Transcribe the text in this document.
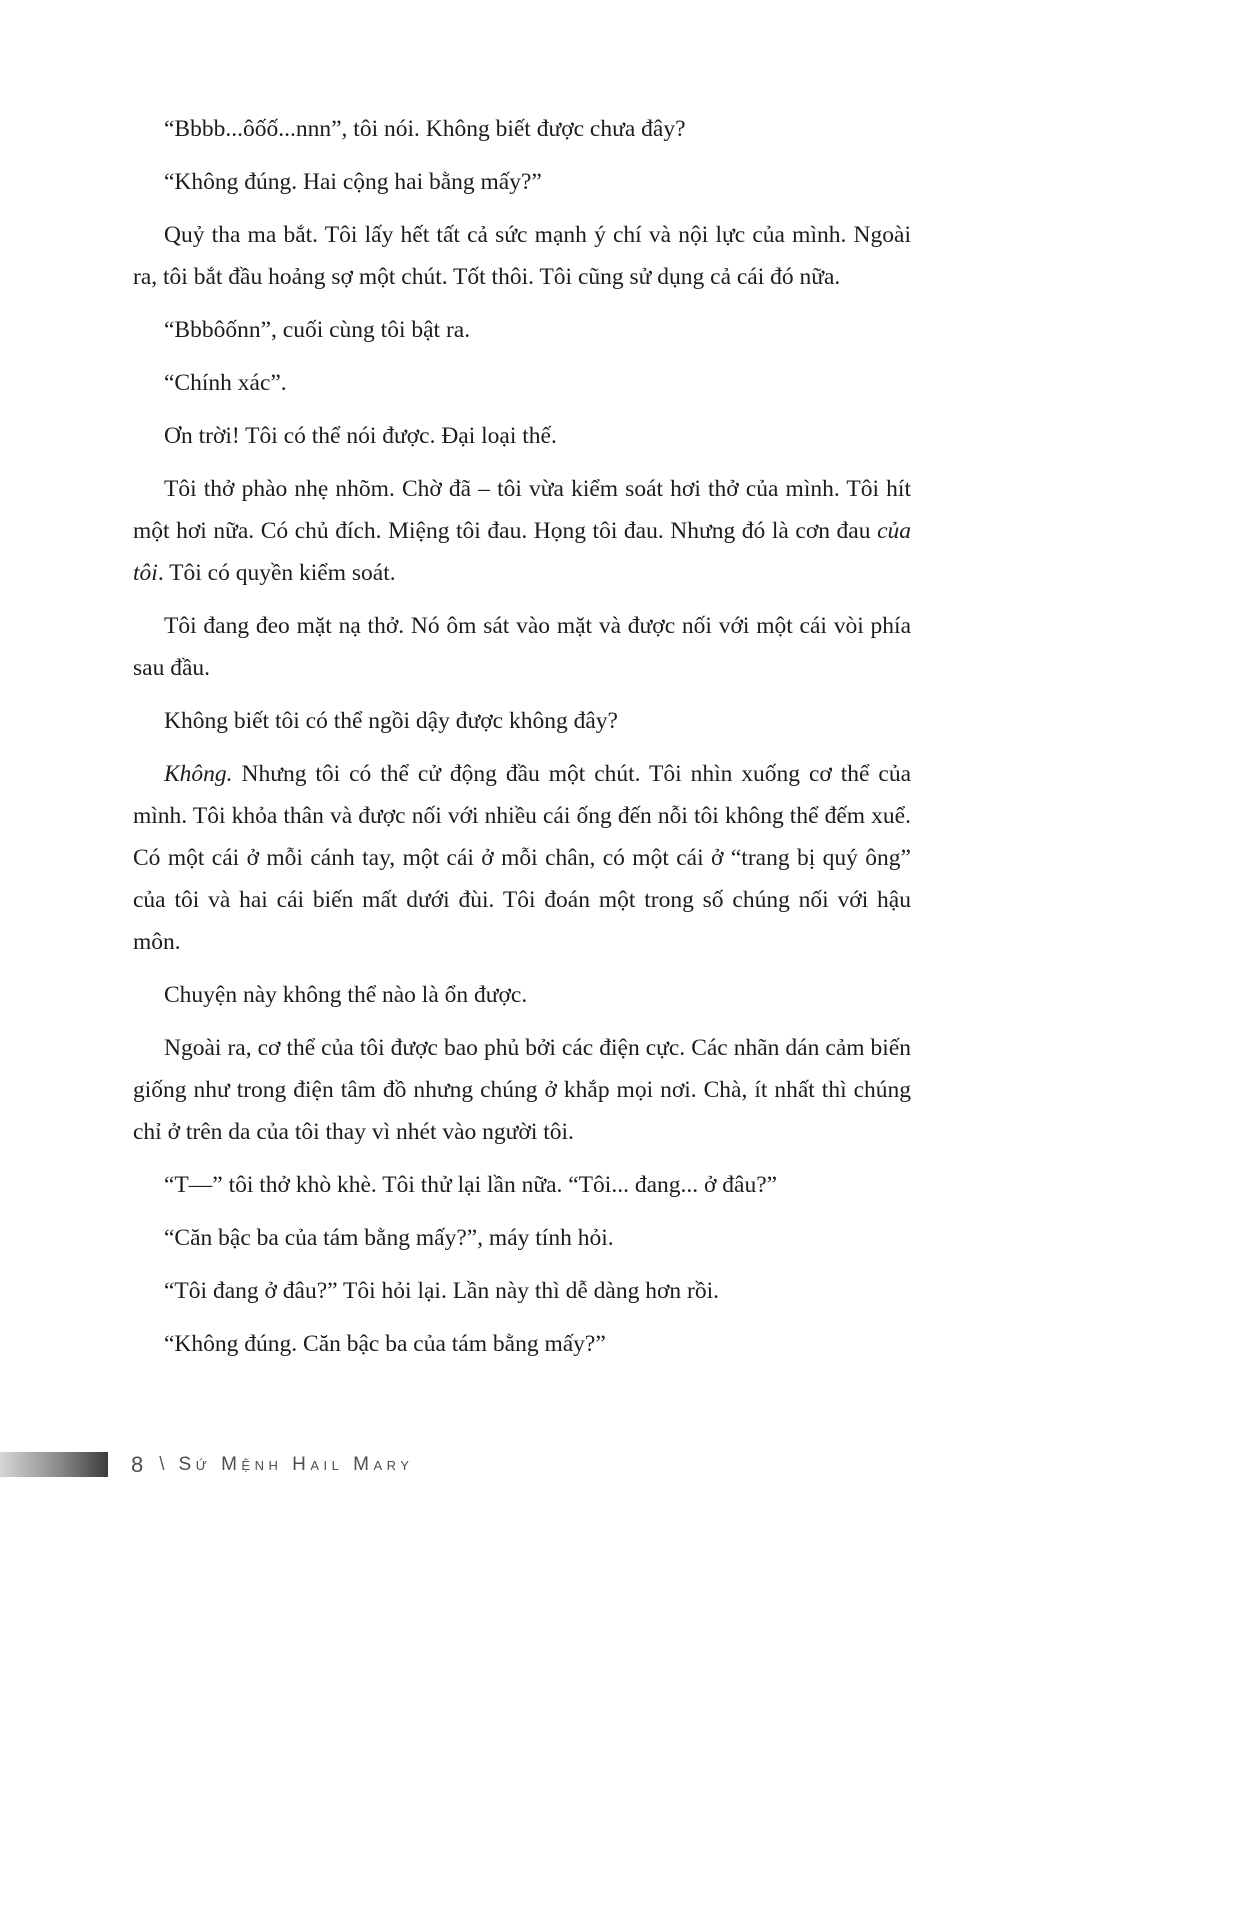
“Bbbb...ôốố...nnn”, tôi nói. Không biết được chưa đây?

“Không đúng. Hai cộng hai bằng mấy?”

Quỷ tha ma bắt. Tôi lấy hết tất cả sức mạnh ý chí và nội lực của mình. Ngoài ra, tôi bắt đầu hoảng sợ một chút. Tốt thôi. Tôi cũng sử dụng cả cái đó nữa.

“Bbbôốnn”, cuối cùng tôi bật ra.

“Chính xác”.

Ơn trời! Tôi có thể nói được. Đại loại thế.

Tôi thở phào nhẹ nhõm. Chờ đã – tôi vừa kiểm soát hơi thở của mình. Tôi hít một hơi nữa. Có chủ đích. Miệng tôi đau. Họng tôi đau. Nhưng đó là cơn đau của tôi. Tôi có quyền kiểm soát.

Tôi đang đeo mặt nạ thở. Nó ôm sát vào mặt và được nối với một cái vòi phía sau đầu.

Không biết tôi có thể ngồi dậy được không đây?

Không. Nhưng tôi có thể cử động đầu một chút. Tôi nhìn xuống cơ thể của mình. Tôi khỏa thân và được nối với nhiều cái ống đến nỗi tôi không thể đếm xuể. Có một cái ở mỗi cánh tay, một cái ở mỗi chân, có một cái ở “trang bị quý ông” của tôi và hai cái biến mất dưới đùi. Tôi đoán một trong số chúng nối với hậu môn.

Chuyện này không thể nào là ổn được.

Ngoài ra, cơ thể của tôi được bao phủ bởi các điện cực. Các nhãn dán cảm biến giống như trong điện tâm đồ nhưng chúng ở khắp mọi nơi. Chà, ít nhất thì chúng chỉ ở trên da của tôi thay vì nhét vào người tôi.

“T—” tôi thở khò khè. Tôi thử lại lần nữa. “Tôi... đang... ở đâu?”

“Căn bậc ba của tám bằng mấy?”, máy tính hỏi.

“Tôi đang ở đâu?” Tôi hỏi lại. Lần này thì dễ dàng hơn rồi.

“Không đúng. Căn bậc ba của tám bằng mấy?”

8 \ Sứ Mệnh Hail Mary
